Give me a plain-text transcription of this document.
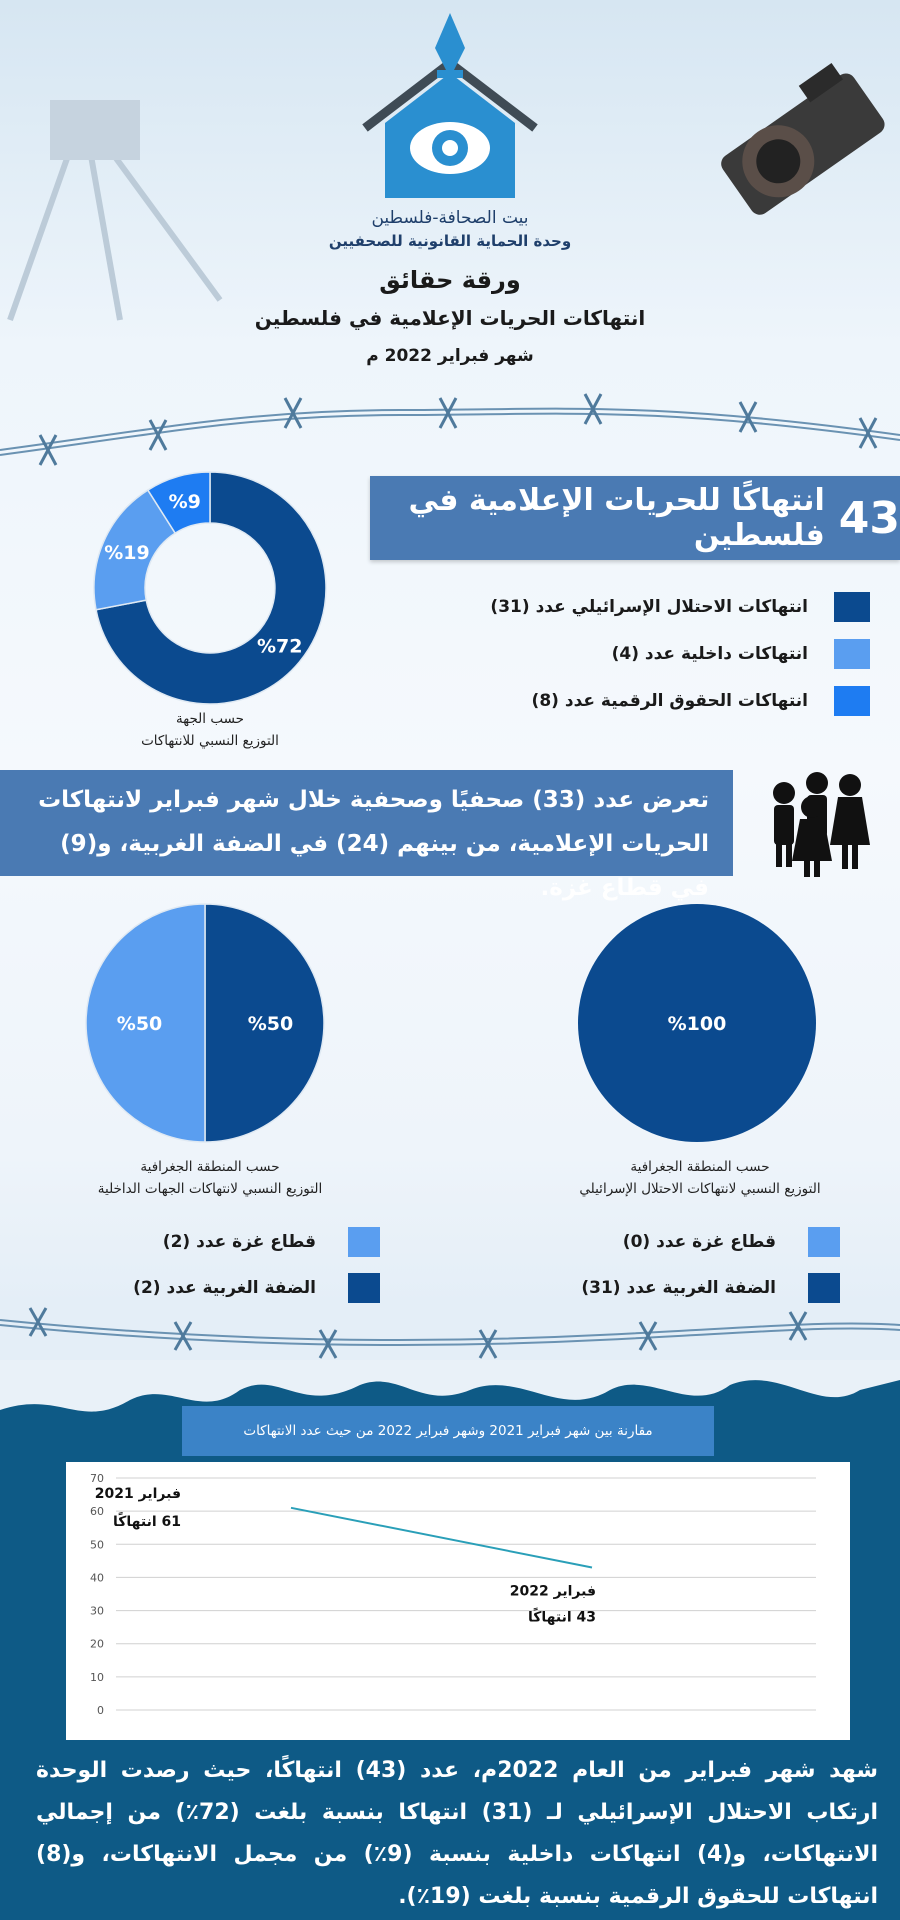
بيت الصحافة-فلسطين
وحدة الحماية القانونية للصحفيين
ورقة حقائق
انتهاكات الحريات الإعلامية في فلسطين
شهر فبراير 2022 م
43
انتهاكًا للحريات الإعلامية في فلسطين
%72
%19
%9
حسب الجهة
التوزيع النسبي للانتهاكات
انتهاكات الاحتلال الإسرائيلي عدد (31)
انتهاكات داخلية عدد (4)
انتهاكات الحقوق الرقمية عدد (8)
تعرض عدد (33) صحفيًا وصحفية خلال شهر فبراير لانتهاكات الحريات الإعلامية، من بينهم (24) في الضفة الغربية، و(9) في قطاع غزة.
%50
%50
حسب المنطقة الجغرافية
التوزيع النسبي لانتهاكات الجهات الداخلية
%100
حسب المنطقة الجغرافية
التوزيع النسبي لانتهاكات الاحتلال الإسرائيلي
قطاع غزة عدد (2)
الضفة الغربية عدد (2)
قطاع غزة عدد (0)
الضفة الغربية عدد (31)
مقارنة بين شهر فبراير 2021 وشهر فبراير 2022 من حيث عدد الانتهاكات
0
10
20
30
40
50
60
70
فبراير 2021
61 انتهاكًا
فبراير 2022
43 انتهاكًا
شهد شهر فبراير من العام 2022م، عدد (43) انتهاكًا، حيث رصدت الوحدة ارتكاب الاحتلال الإسرائيلي لـ (31) انتهاكا بنسبة بلغت (72٪) من إجمالي الانتهاكات، و(4) انتهاكات داخلية بنسبة (9٪) من مجمل الانتهاكات، و(8) انتهاكات للحقوق الرقمية بنسبة بلغت (19٪).
